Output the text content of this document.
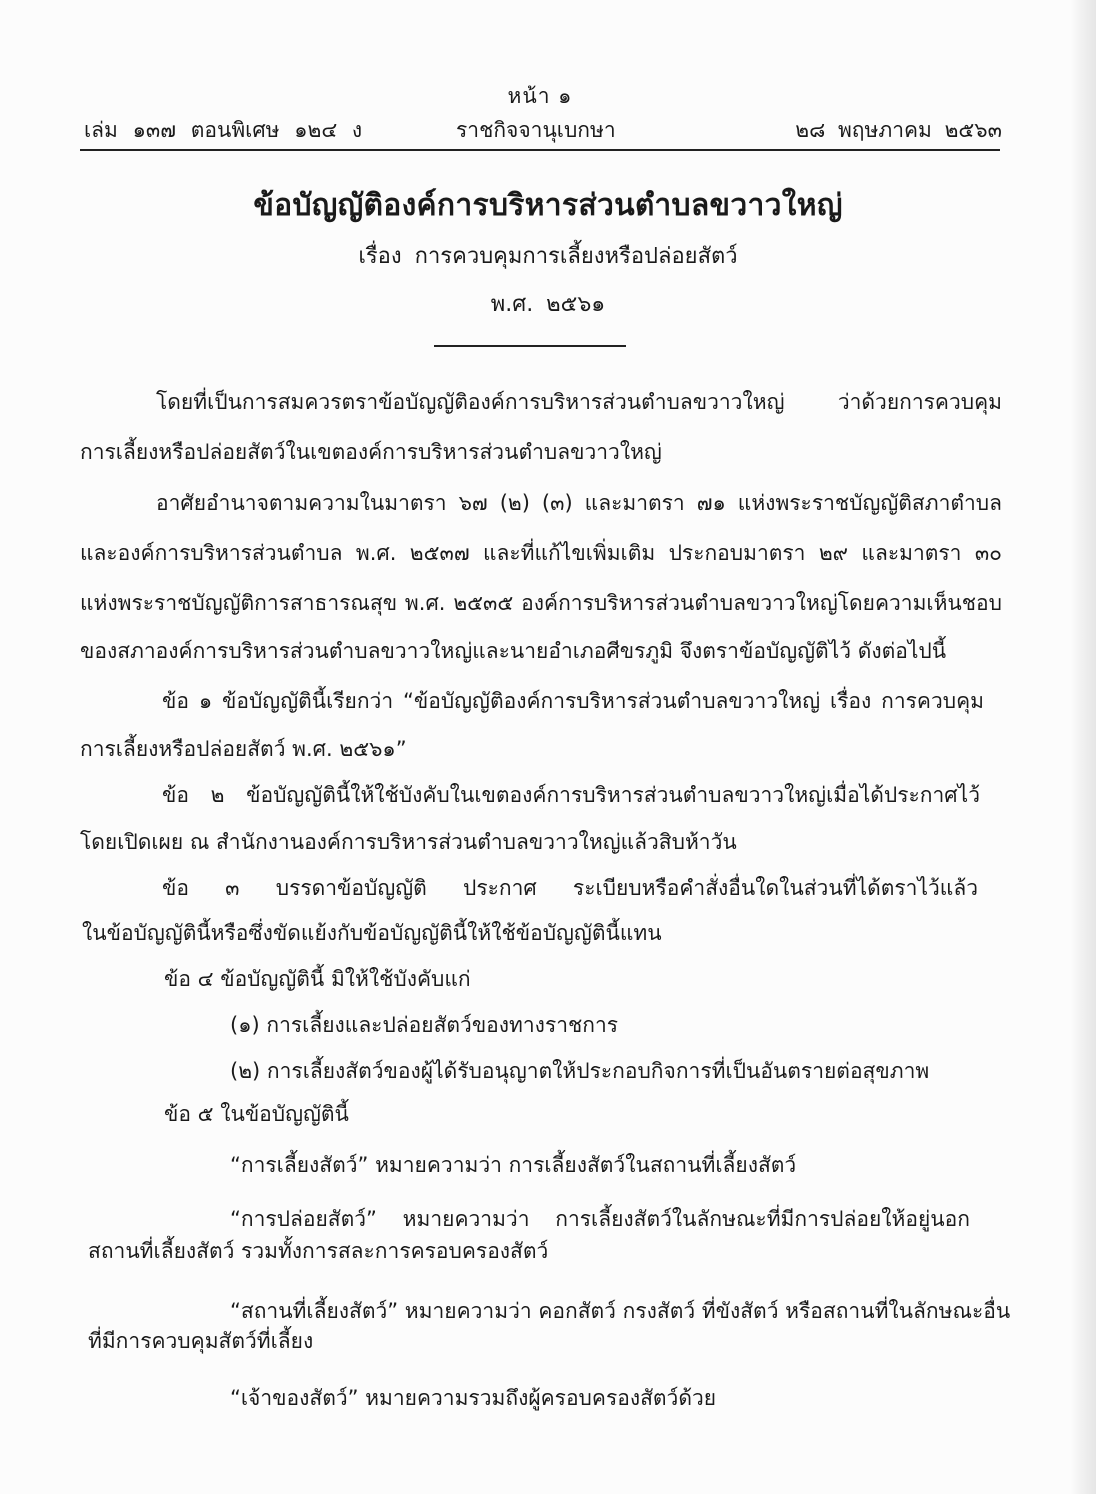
หน้า ๑
เล่ม ๑๓๗ ตอนพิเศษ ๑๒๔ ง	ราชกิจจานุเบกษา	๒๘ พฤษภาคม ๒๕๖๓
ข้อบัญญัติองค์การบริหารส่วนตำบลขวาวใหญ่
เรื่อง การควบคุมการเลี้ยงหรือปล่อยสัตว์
พ.ศ. ๒๕๖๑
โดยที่เป็นการสมควรตราข้อบัญญัติองค์การบริหารส่วนตำบลขวาวใหญ่ ว่าด้วยการควบคุม
การเลี้ยงหรือปล่อยสัตว์ในเขตองค์การบริหารส่วนตำบลขวาวใหญ่
อาศัยอำนาจตามความในมาตรา ๖๗ (๒) (๓) และมาตรา ๗๑ แห่งพระราชบัญญัติสภาตำบล
และองค์การบริหารส่วนตำบล พ.ศ. ๒๕๓๗ และที่แก้ไขเพิ่มเติม ประกอบมาตรา ๒๙ และมาตรา ๓๐
แห่งพระราชบัญญัติการสาธารณสุข พ.ศ. ๒๕๓๕ องค์การบริหารส่วนตำบลขวาวใหญ่โดยความเห็นชอบ
ของสภาองค์การบริหารส่วนตำบลขวาวใหญ่และนายอำเภอศีขรภูมิ จึงตราข้อบัญญัติไว้ ดังต่อไปนี้
ข้อ ๑ ข้อบัญญัตินี้เรียกว่า “ข้อบัญญัติองค์การบริหารส่วนตำบลขวาวใหญ่ เรื่อง การควบคุม
การเลี้ยงหรือปล่อยสัตว์ พ.ศ. ๒๕๖๑”
ข้อ ๒ ข้อบัญญัตินี้ให้ใช้บังคับในเขตองค์การบริหารส่วนตำบลขวาวใหญ่เมื่อได้ประกาศไว้
โดยเปิดเผย ณ สำนักงานองค์การบริหารส่วนตำบลขวาวใหญ่แล้วสิบห้าวัน
ข้อ ๓ บรรดาข้อบัญญัติ ประกาศ ระเบียบหรือคำสั่งอื่นใดในส่วนที่ได้ตราไว้แล้ว
ในข้อบัญญัตินี้หรือซึ่งขัดแย้งกับข้อบัญญัตินี้ให้ใช้ข้อบัญญัตินี้แทน
ข้อ ๔ ข้อบัญญัตินี้ มิให้ใช้บังคับแก่
(๑) การเลี้ยงและปล่อยสัตว์ของทางราชการ
(๒) การเลี้ยงสัตว์ของผู้ได้รับอนุญาตให้ประกอบกิจการที่เป็นอันตรายต่อสุขภาพ
ข้อ ๕ ในข้อบัญญัตินี้
“การเลี้ยงสัตว์” หมายความว่า การเลี้ยงสัตว์ในสถานที่เลี้ยงสัตว์
“การปล่อยสัตว์” หมายความว่า การเลี้ยงสัตว์ในลักษณะที่มีการปล่อยให้อยู่นอก
สถานที่เลี้ยงสัตว์ รวมทั้งการสละการครอบครองสัตว์
“สถานที่เลี้ยงสัตว์” หมายความว่า คอกสัตว์ กรงสัตว์ ที่ขังสัตว์ หรือสถานที่ในลักษณะอื่น
ที่มีการควบคุมสัตว์ที่เลี้ยง
“เจ้าของสัตว์” หมายความรวมถึงผู้ครอบครองสัตว์ด้วย
